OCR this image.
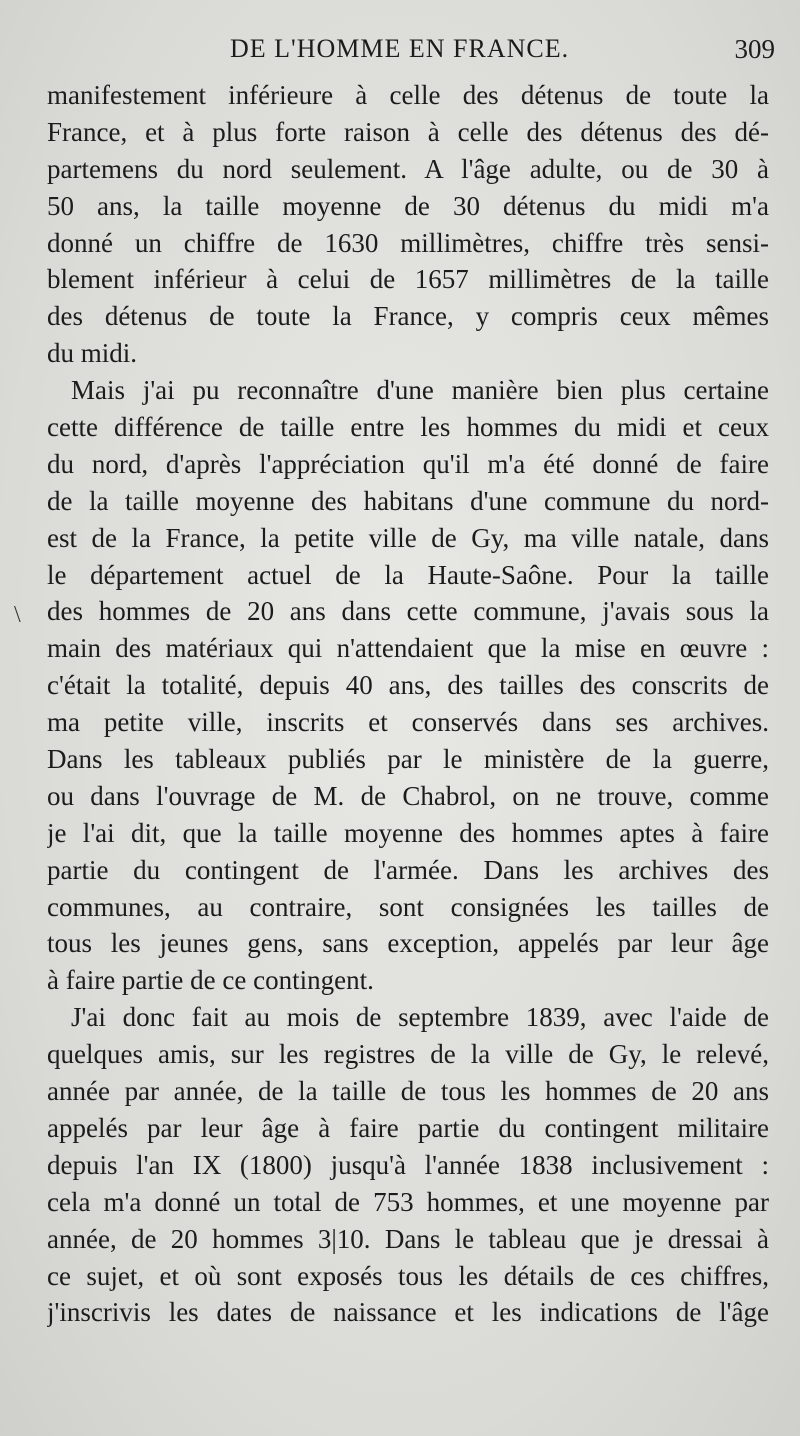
DE L'HOMME EN FRANCE.	309
\
manifestement inférieure à celle des détenus de toute la
France, et à plus forte raison à celle des détenus des dé-
partemens du nord seulement. A l'âge adulte, ou de 30 à
50 ans, la taille moyenne de 30 détenus du midi m'a
donné un chiffre de 1630 millimètres, chiffre très sensi-
blement inférieur à celui de 1657 millimètres de la taille
des détenus de toute la France, y compris ceux mêmes
du midi.
Mais j'ai pu reconnaître d'une manière bien plus certaine
cette différence de taille entre les hommes du midi et ceux
du nord, d'après l'appréciation qu'il m'a été donné de faire
de la taille moyenne des habitans d'une commune du nord-
est de la France, la petite ville de Gy, ma ville natale, dans
le département actuel de la Haute-Saône. Pour la taille
des hommes de 20 ans dans cette commune, j'avais sous la
main des matériaux qui n'attendaient que la mise en œuvre :
c'était la totalité, depuis 40 ans, des tailles des conscrits de
ma petite ville, inscrits et conservés dans ses archives.
Dans les tableaux publiés par le ministère de la guerre,
ou dans l'ouvrage de M. de Chabrol, on ne trouve, comme
je l'ai dit, que la taille moyenne des hommes aptes à faire
partie du contingent de l'armée. Dans les archives des
communes, au contraire, sont consignées les tailles de
tous les jeunes gens, sans exception, appelés par leur âge
à faire partie de ce contingent.
J'ai donc fait au mois de septembre 1839, avec l'aide de
quelques amis, sur les registres de la ville de Gy, le relevé,
année par année, de la taille de tous les hommes de 20 ans
appelés par leur âge à faire partie du contingent militaire
depuis l'an IX (1800) jusqu'à l'année 1838 inclusivement :
cela m'a donné un total de 753 hommes, et une moyenne par
année, de 20 hommes 3|10. Dans le tableau que je dressai à
ce sujet, et où sont exposés tous les détails de ces chiffres,
j'inscrivis les dates de naissance et les indications de l'âge
